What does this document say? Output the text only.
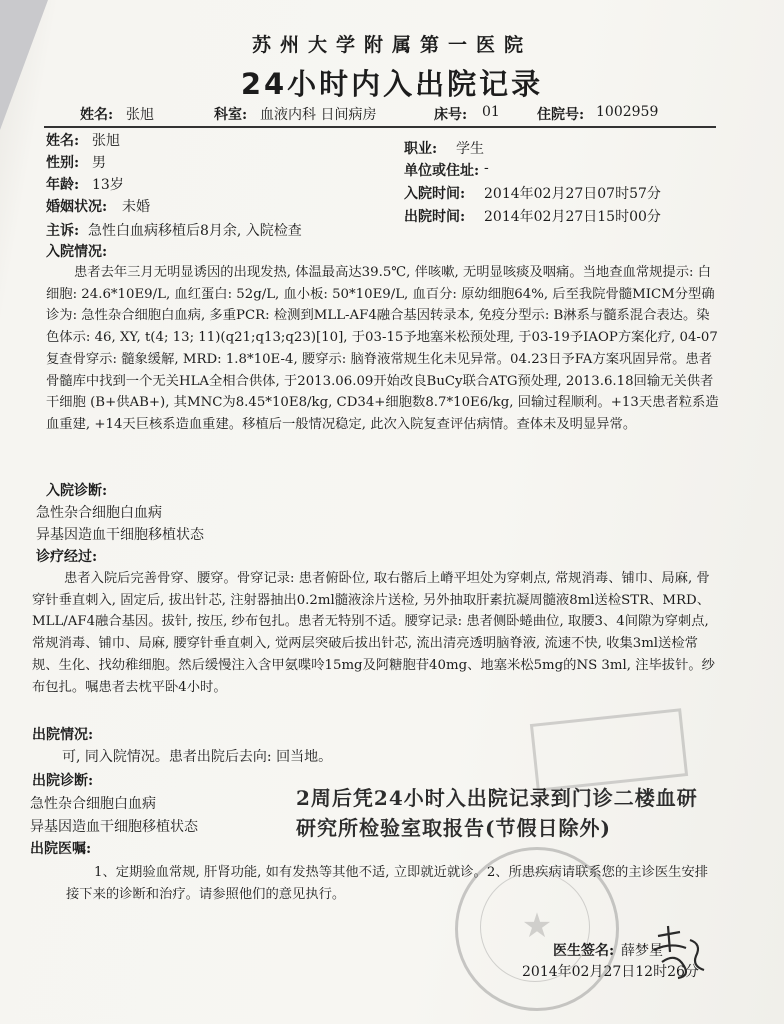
苏州大学附属第一医院
24小时内入出院记录
姓名: 张旭	科室: 血液内科 日间病房	床号: 01	住院号: 1002959
姓名: 张旭
性别: 男
年龄: 13岁
婚姻状况: 未婚
职业: 学生
单位或住址: -
入院时间: 2014年02月27日07时57分
出院时间: 2014年02月27日15时00分
主诉: 急性白血病移植后8月余, 入院检查
入院情况:
患者去年三月无明显诱因的出现发热, 体温最高达39.5℃, 伴咳嗽, 无明显咳痰及咽痛。当地查血常规提示: 白细胞: 24.6*10E9/L, 血红蛋白: 52g/L, 血小板: 50*10E9/L, 血百分: 原幼细胞64%, 后至我院骨髓MICM分型确诊为: 急性杂合细胞白血病, 多重PCR: 检测到MLL-AF4融合基因转录本, 免疫分型示: B淋系与髓系混合表达。染色体示: 46, XY, t(4; 13; 11)(q21;q13;q23)[10], 于03-15予地塞米松预处理, 于03-19予IAOP方案化疗, 04-07复查骨穿示: 髓象缓解, MRD: 1.8*10E-4, 腰穿示: 脑脊液常规生化未见异常。04.23日予FA方案巩固异常。患者骨髓库中找到一个无关HLA全相合供体, 于2013.06.09开始改良BuCy联合ATG预处理, 2013.6.18回输无关供者干细胞 (B+供AB+), 其MNC为8.45*10E8/kg, CD34+细胞数8.7*10E6/kg, 回输过程顺利。+13天患者粒系造血重建, +14天巨核系造血重建。移植后一般情况稳定, 此次入院复查评估病情。查体未及明显异常。
入院诊断:
急性杂合细胞白血病
异基因造血干细胞移植状态
诊疗经过:
患者入院后完善骨穿、腰穿。骨穿记录: 患者俯卧位, 取右髂后上嵴平坦处为穿刺点, 常规消毒、铺巾、局麻, 骨穿针垂直刺入, 固定后, 拔出针芯, 注射器抽出0.2ml髓液涂片送检, 另外抽取肝素抗凝周髓液8ml送检STR、MRD、MLL/AF4融合基因。拔针, 按压, 纱布包扎。患者无特别不适。腰穿记录: 患者侧卧蜷曲位, 取腰3、4间隙为穿刺点, 常规消毒、铺巾、局麻, 腰穿针垂直刺入, 觉两层突破后拔出针芯, 流出清亮透明脑脊液, 流速不快, 收集3ml送检常规、生化、找幼稚细胞。然后缓慢注入含甲氨喋呤15mg及阿糖胞苷40mg、地塞米松5mg的NS 3ml, 注毕拔针。纱布包扎。嘱患者去枕平卧4小时。
出院情况:
可, 同入院情况。患者出院后去向: 回当地。
出院诊断:
急性杂合细胞白血病
异基因造血干细胞移植状态
2周后凭24小时入出院记录到门诊二楼血研
研究所检验室取报告(节假日除外)
出院医嘱:
1、定期验血常规, 肝肾功能, 如有发热等其他不适, 立即就近就诊。2、所患疾病请联系您的主诊医生安排接下来的诊断和治疗。请参照他们的意见执行。
★
医生签名: 薛梦星
2014年02月27日12时26分
